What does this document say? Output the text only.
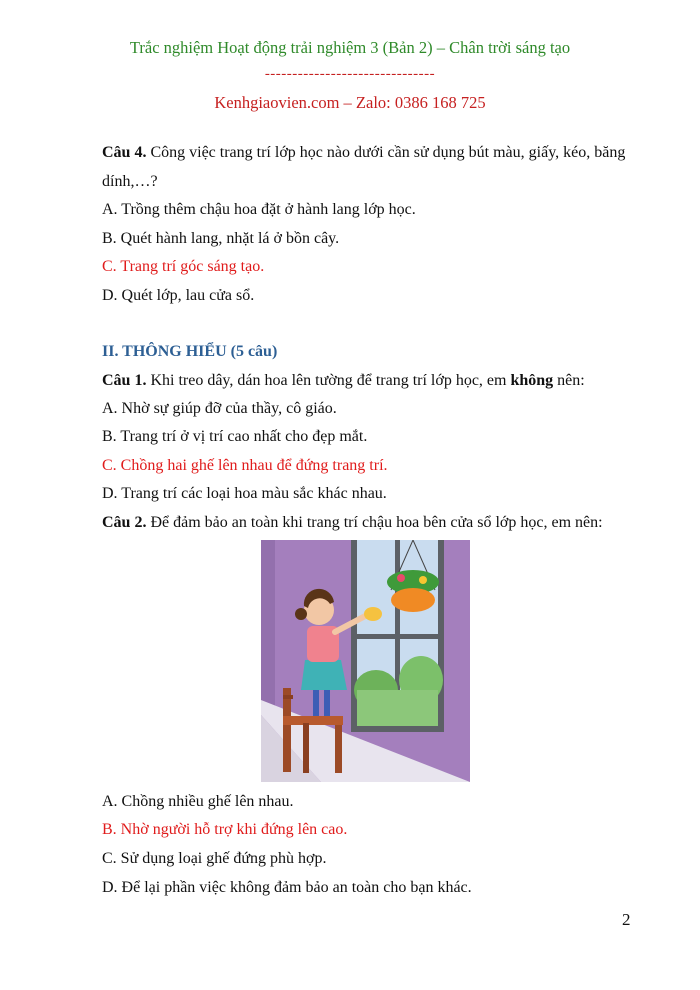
Trắc nghiệm Hoạt động trải nghiệm 3 (Bản 2) – Chân trời sáng tạo
-------------------------------
Kenhgiaovien.com – Zalo: 0386 168 725
Câu 4. Công việc trang trí lớp học nào dưới cần sử dụng bút màu, giấy, kéo, băng
dính,…?
A. Trồng thêm chậu hoa đặt ở hành lang lớp học.
B. Quét hành lang, nhặt lá ở bồn cây.
C. Trang trí góc sáng tạo.
D. Quét lớp, lau cửa sổ.
II. THÔNG HIỂU (5 câu)
Câu 1. Khi treo dây, dán hoa lên tường để trang trí lớp học, em không nên:
A. Nhờ sự giúp đỡ của thầy, cô giáo.
B. Trang trí ở vị trí cao nhất cho đẹp mắt.
C. Chồng hai ghế lên nhau để đứng trang trí.
D. Trang trí các loại hoa màu sắc khác nhau.
Câu 2. Để đảm bảo an toàn khi trang trí chậu hoa bên cửa sổ lớp học, em nên:
A. Chồng nhiều ghế lên nhau.
B. Nhờ người hỗ trợ khi đứng lên cao.
C. Sử dụng loại ghế đứng phù hợp.
D. Để lại phần việc không đảm bảo an toàn cho bạn khác.
2
